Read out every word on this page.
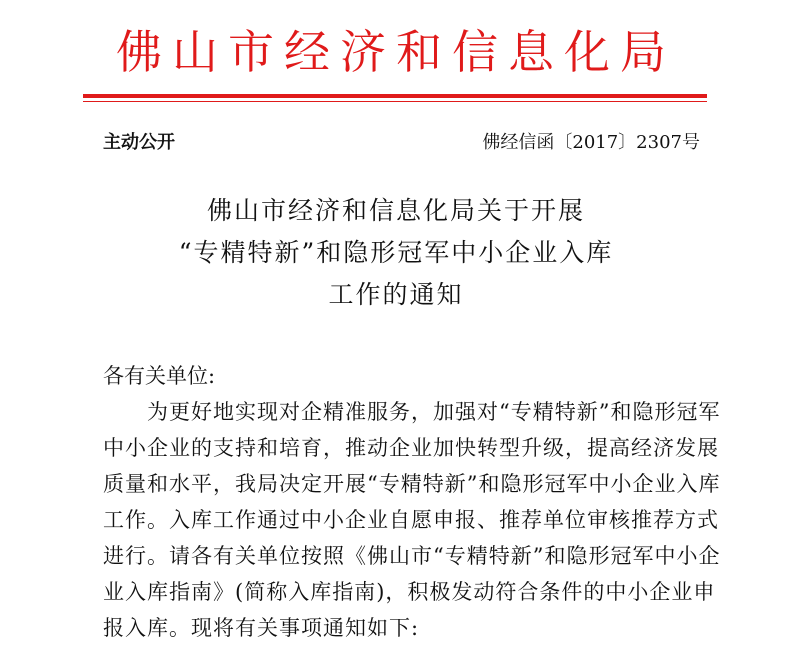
佛山市经济和信息化局
主动公开	佛经信函〔2017〕2307号
佛山市经济和信息化局关于开展
“专精特新”和隐形冠军中小企业入库
工作的通知
各有关单位:
　　为更好地实现对企精准服务，加强对“专精特新”和隐形冠军
中小企业的支持和培育，推动企业加快转型升级，提高经济发展
质量和水平，我局决定开展“专精特新”和隐形冠军中小企业入库
工作。入库工作通过中小企业自愿申报、推荐单位审核推荐方式
进行。请各有关单位按照《佛山市“专精特新”和隐形冠军中小企
业入库指南》(简称入库指南)，积极发动符合条件的中小企业申
报入库。现将有关事项通知如下:
